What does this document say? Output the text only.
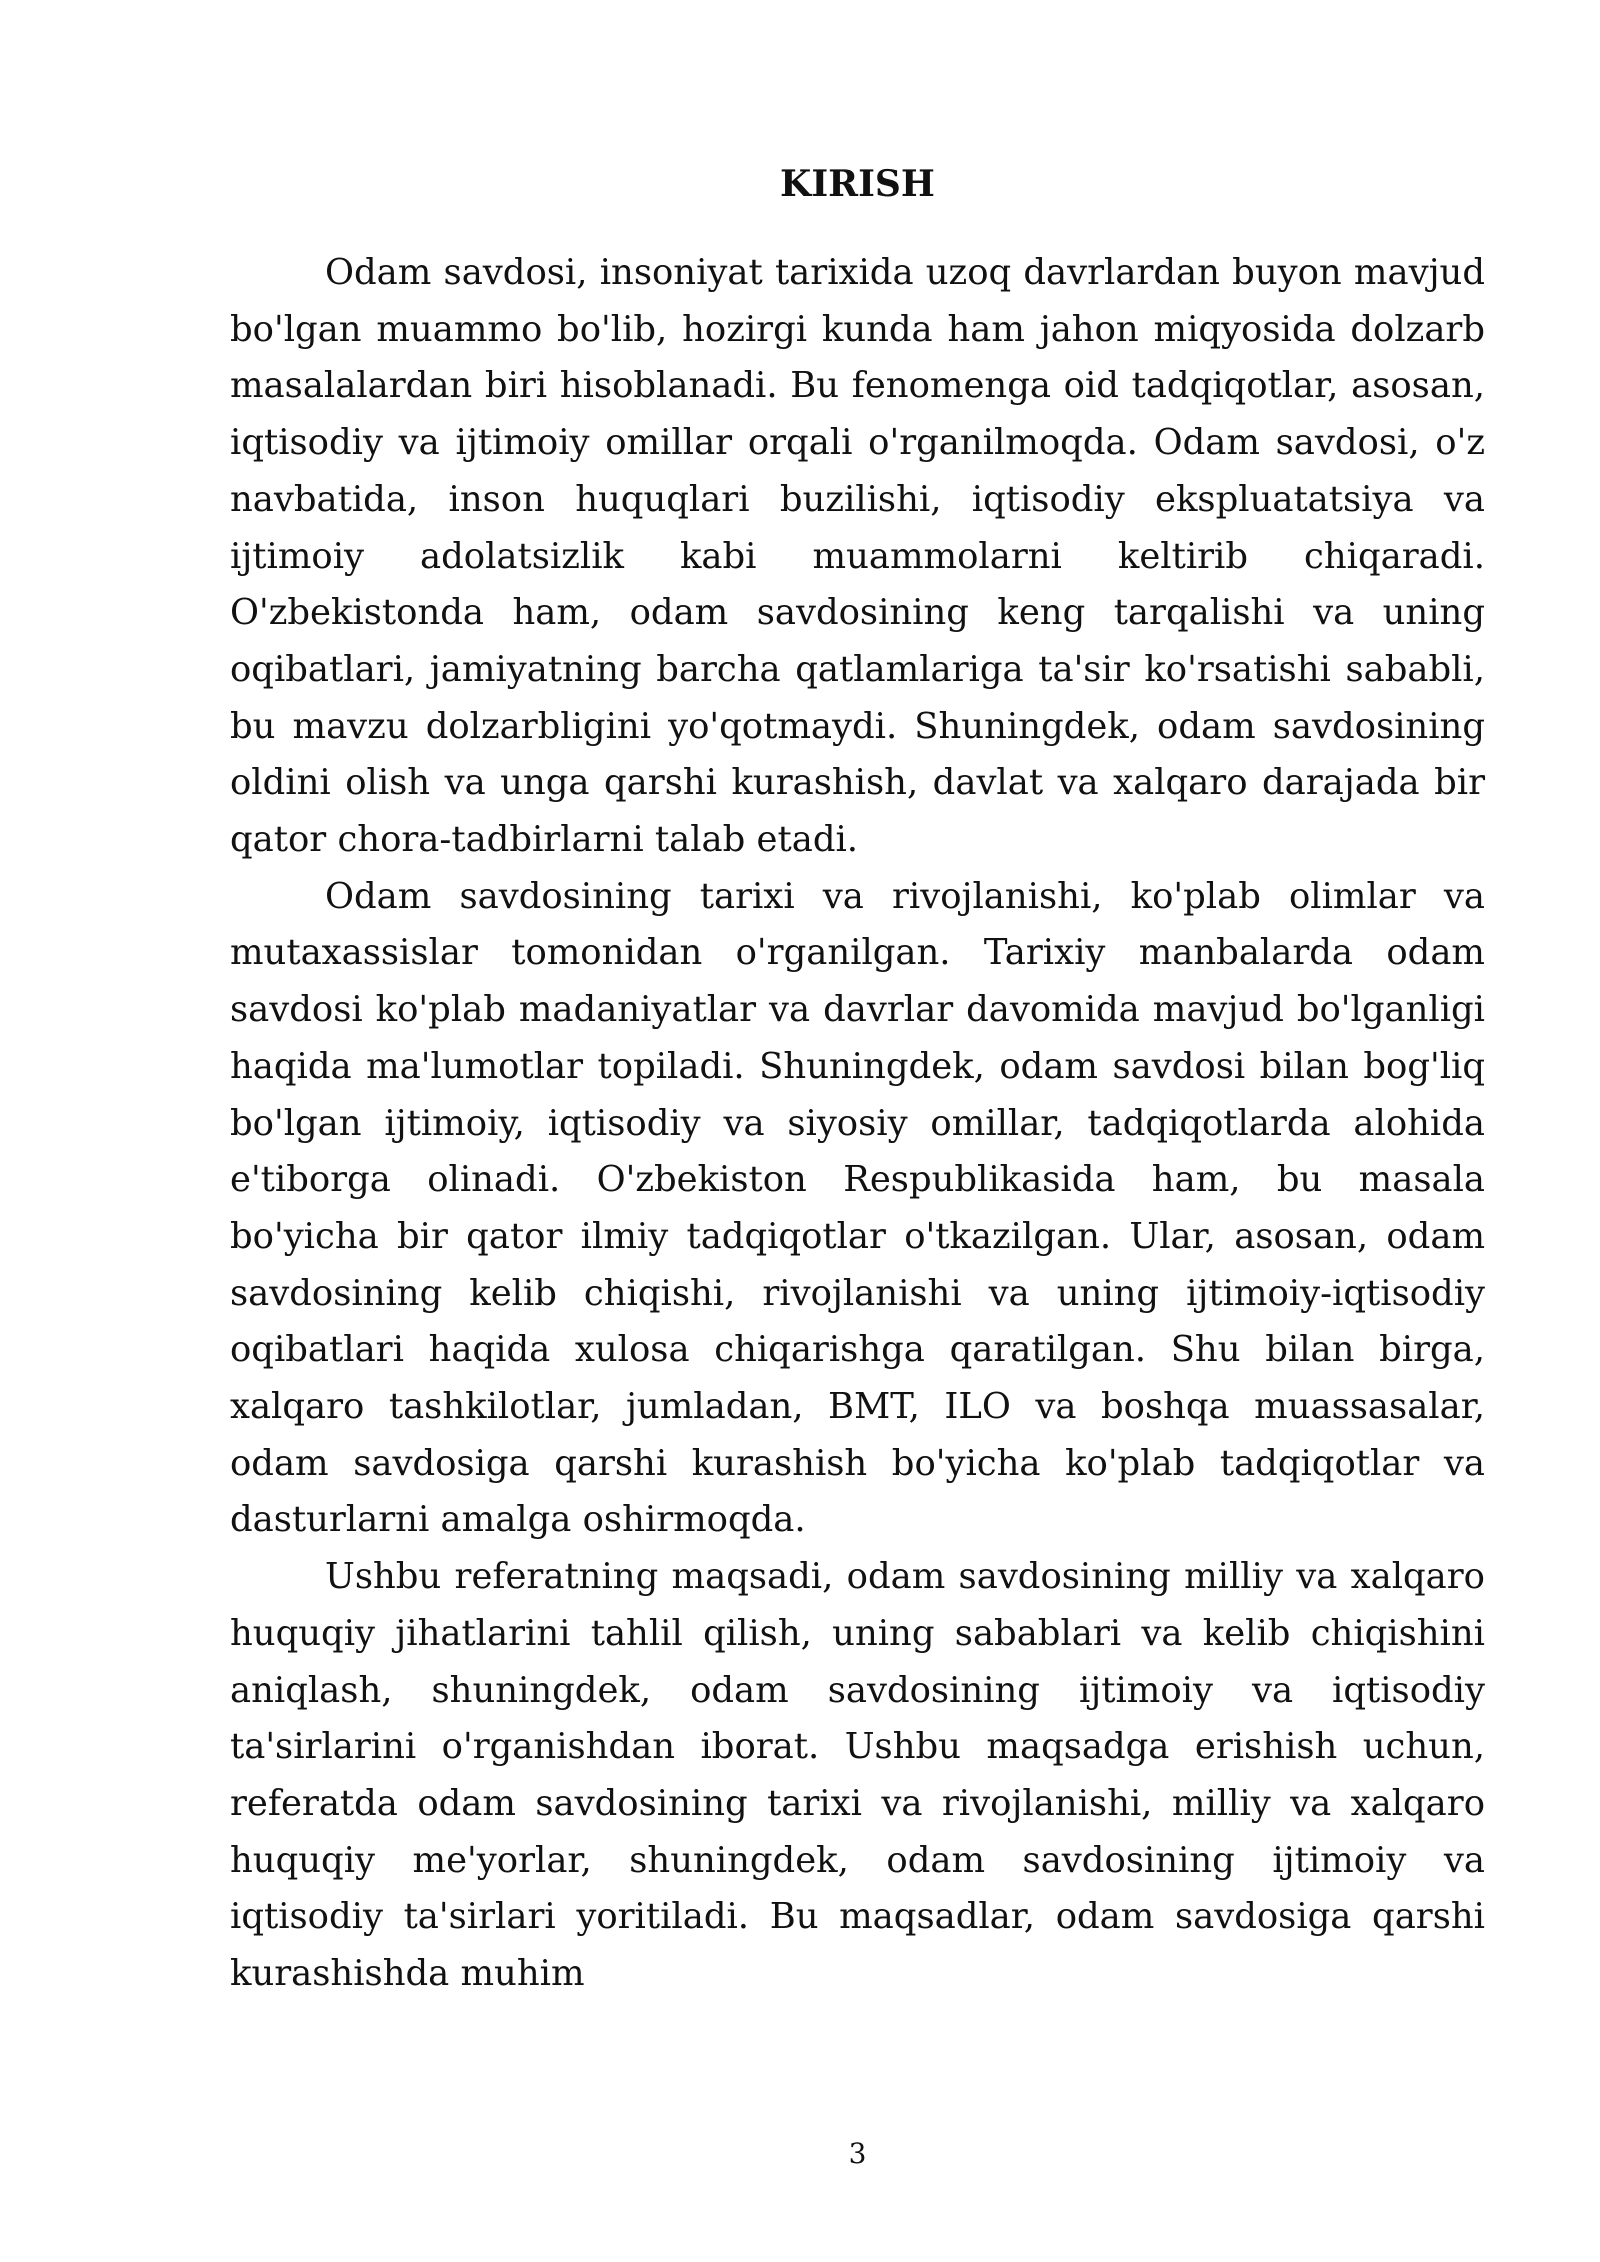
KIRISH

Odam savdosi, insoniyat tarixida uzoq davrlardan buyon mavjud bo'lgan muammo bo'lib, hozirgi kunda ham jahon miqyosida dolzarb masalalardan biri hisoblanadi. Bu fenomenga oid tadqiqotlar, asosan, iqtisodiy va ijtimoiy omillar orqali o'rganilmoqda. Odam savdosi, o'z navbatida, inson huquqlari buzilishi, iqtisodiy ekspluatatsiya va ijtimoiy adolatsizlik kabi muammolarni keltirib chiqaradi. O'zbekistonda ham, odam savdosining keng tarqalishi va uning oqibatlari, jamiyatning barcha qatlamlariga ta'sir ko'rsatishi sababli, bu mavzu dolzarbligini yo'qotmaydi. Shuningdek, odam savdosining oldini olish va unga qarshi kurashish, davlat va xalqaro darajada bir qator chora-tadbirlarni talab etadi.

Odam savdosining tarixi va rivojlanishi, ko'plab olimlar va mutaxassislar tomonidan o'rganilgan. Tarixiy manbalarda odam savdosi ko'plab madaniyatlar va davrlar davomida mavjud bo'lganligi haqida ma'lumotlar topiladi. Shuningdek, odam savdosi bilan bog'liq bo'lgan ijtimoiy, iqtisodiy va siyosiy omillar, tadqiqotlarda alohida e'tiborga olinadi. O'zbekiston Respublikasida ham, bu masala bo'yicha bir qator ilmiy tadqiqotlar o'tkazilgan. Ular, asosan, odam savdosining kelib chiqishi, rivojlanishi va uning ijtimoiy-iqtisodiy oqibatlari haqida xulosa chiqarishga qaratilgan. Shu bilan birga, xalqaro tashkilotlar, jumladan, BMT, ILO va boshqa muassasalar, odam savdosiga qarshi kurashish bo'yicha ko'plab tadqiqotlar va dasturlarni amalga oshirmoqda.

Ushbu referatning maqsadi, odam savdosining milliy va xalqaro huquqiy jihatlarini tahlil qilish, uning sabablari va kelib chiqishini aniqlash, shuningdek, odam savdosining ijtimoiy va iqtisodiy ta'sirlarini o'rganishdan iborat. Ushbu maqsadga erishish uchun, referatda odam savdosining tarixi va rivojlanishi, milliy va xalqaro huquqiy me'yorlar, shuningdek, odam savdosining ijtimoiy va iqtisodiy ta'sirlari yoritiladi. Bu maqsadlar, odam savdosiga qarshi kurashishda muhim

3
